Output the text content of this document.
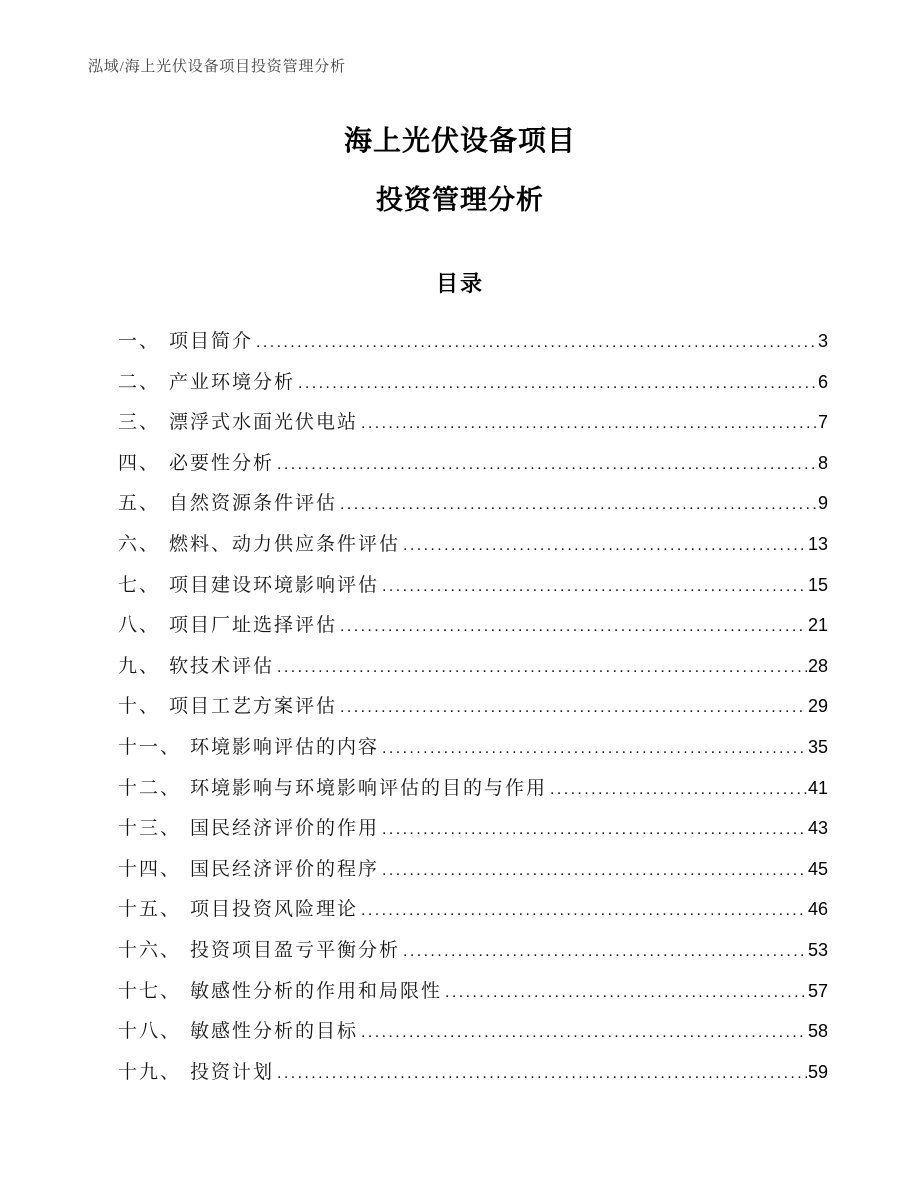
泓域/海上光伏设备项目投资管理分析
海上光伏设备项目
投资管理分析
目录
一、 项目简介 .....	3
二、 产业环境分析 .....	6
三、 漂浮式水面光伏电站 .....	7
四、 必要性分析 .....	8
五、 自然资源条件评估 .....	9
六、 燃料、动力供应条件评估 .....	13
七、 项目建设环境影响评估 .....	15
八、 项目厂址选择评估 .....	21
九、 软技术评估 .....	28
十、 项目工艺方案评估 .....	29
十一、 环境影响评估的内容 .....	35
十二、 环境影响与环境影响评估的目的与作用 .....	41
十三、 国民经济评价的作用 .....	43
十四、 国民经济评价的程序 .....	45
十五、 项目投资风险理论 .....	46
十六、 投资项目盈亏平衡分析 .....	53
十七、 敏感性分析的作用和局限性 .....	57
十八、 敏感性分析的目标 .....	58
十九、 投资计划 .....	59
